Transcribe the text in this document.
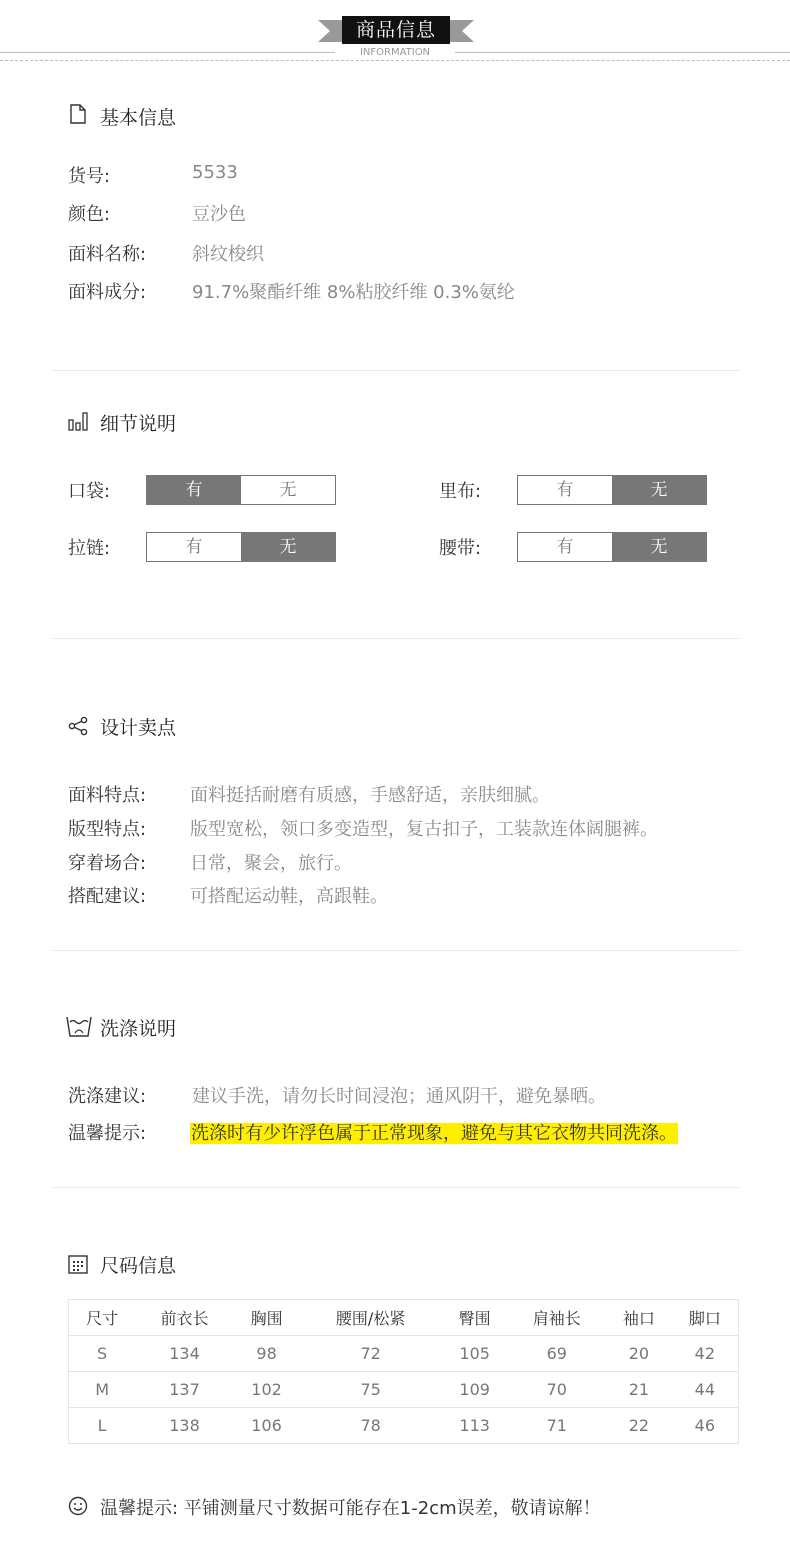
商品信息
INFORMATION
基本信息
货号:	5533
颜色:	豆沙色
面料名称:	斜纹梭织
面料成分:	91.7%聚酯纤维 8%粘胶纤维 0.3%氨纶
细节说明
口袋:	有	无	里布:	有	无
拉链:	有	无	腰带:	有	无
设计卖点
面料特点: 面料挺括耐磨有质感，手感舒适，亲肤细腻。
版型特点: 版型宽松，领口多变造型，复古扣子，工装款连体阔腿裤。
穿着场合: 日常，聚会，旅行。
搭配建议: 可搭配运动鞋，高跟鞋。
洗涤说明
洗涤建议:	建议手洗，请勿长时间浸泡；通风阴干，避免暴晒。
温馨提示: 洗涤时有少许浮色属于正常现象，避免与其它衣物共同洗涤。
尺码信息
尺寸	前衣长	胸围	腰围/松紧	臀围	肩袖长	袖口	脚口
S	134	98	72	105	69	20	42
M	137	102	75	109	70	21	44
L	138	106	78	113	71	22	46
温馨提示: 平铺测量尺寸数据可能存在1-2cm误差，敬请谅解！
